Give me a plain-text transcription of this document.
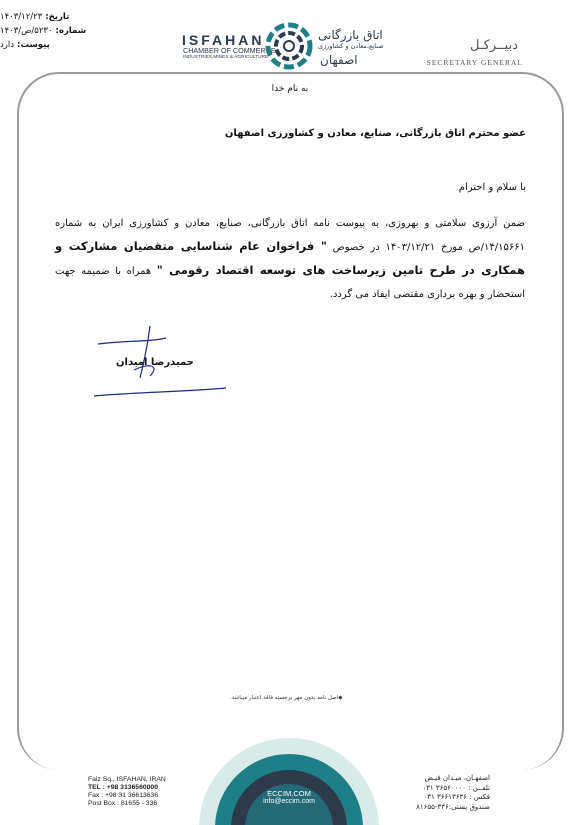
تاریخ:
۱۴۰۳/۱۲/۲۳
شماره:
۵۲۳۰/ص/۱۴۰۳
پیوست:
دارد	ISFAHAN
CHAMBER OF COMMERCE
INDUSTRIES,MINES & AGRICULTURE
اتاق بازرگانی
صنایع،معادن و کشاورزی
اصفهان
دبیــرکـل
SECRETARY GENERAL
به نام خدا
عضو محترم اتاق بازرگانی، صنایع، معادن و کشاورزی اصفهان
با سلام و احترام
ضمن آرزوی سلامتی و بهروزی، به پیوست نامه اتاق بازرگانی، صنایع، معادن و کشاورزی ایران به شماره ۱۴/۱۵۶۶۱/ص مورخ ۱۴۰۳/۱۲/۲۱ در خصوص " فراخوان عام شناسایی متقضیان مشارکت و همکاری در طرح تامین زیرساخت های توسعه اقتصاد رقومی " همراه با ضمیمه جهت استحضار و بهره برداری مقتضی ایفاد می گردد.
حمیدرضا امیدان
◆اصل نامه بدون مهر برجسته فاقد اعتبار میباشد.
ECCIM.COM
info@eccim.com
Faiz Sq., ISFAHAN, IRAN
TEL : +98 3136560000
Fax : +98 31 36613636
Post Box : 81655 - 336
اصفهـان، میـدان فیـض
تلفــن : ۳۶۵۶۰۰۰۰ ۰۳۱
فکس : ۳۶۶۱۳۶۳۶ ۰۳۱
صندوق پستی:۳۳۶-۸۱۶۵۵
